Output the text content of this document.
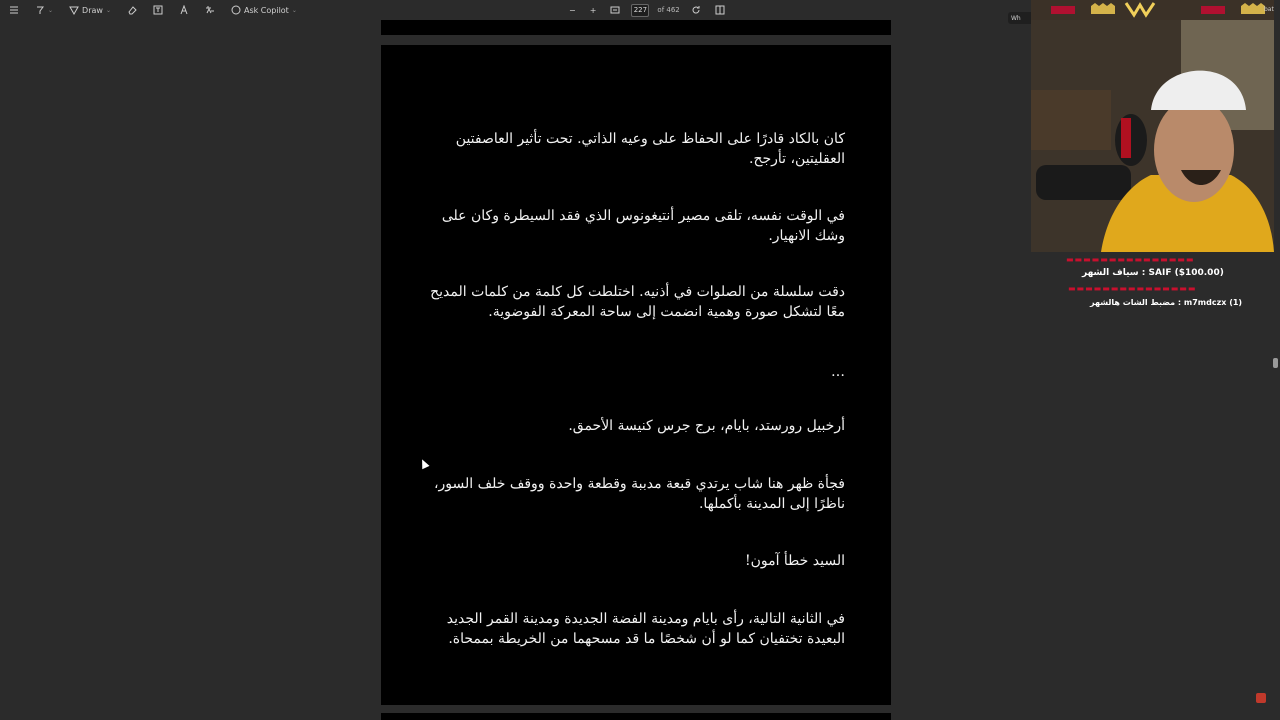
⌄	Draw ⌄	Ask Copilot ⌄	− +	227	of 462

كان بالكاد قادرًا على الحفاظ على وعيه الذاتي. تحت تأثير العاصفتين العقليتين، تأرجح.

في الوقت نفسه، تلقى مصير أنتيغونوس الذي فقد السيطرة وكان على وشك الانهيار.

دقت سلسلة من الصلوات في أذنيه. اختلطت كل كلمة من كلمات المديح معًا لتشكل صورة وهمية انضمت إلى ساحة المعركة الفوضوية.

…

أرخبيل رورستد، بايام، برج جرس كنيسة الأحمق.

فجأة ظهر هنا شاب يرتدي قبعة مدببة وقطعة واحدة ووقف خلف السور، ناظرًا إلى المدينة بأكملها.

السيد خطأ آمون!

في الثانية التالية، رأى بايام ومدينة الفضة الجديدة ومدينة القمر الجديد البعيدة تختفيان كما لو أن شخصًا ما قد مسحهما من الخريطة بممحاة.

Wh
▬▬▬▬▬▬▬▬▬▬▬▬▬▬▬
سياف الشهر : SAIF ($100.00)
▬▬▬▬▬▬▬▬▬▬▬▬▬▬▬
مضبط الشات هالشهر : m7mdczx (1)
bat
